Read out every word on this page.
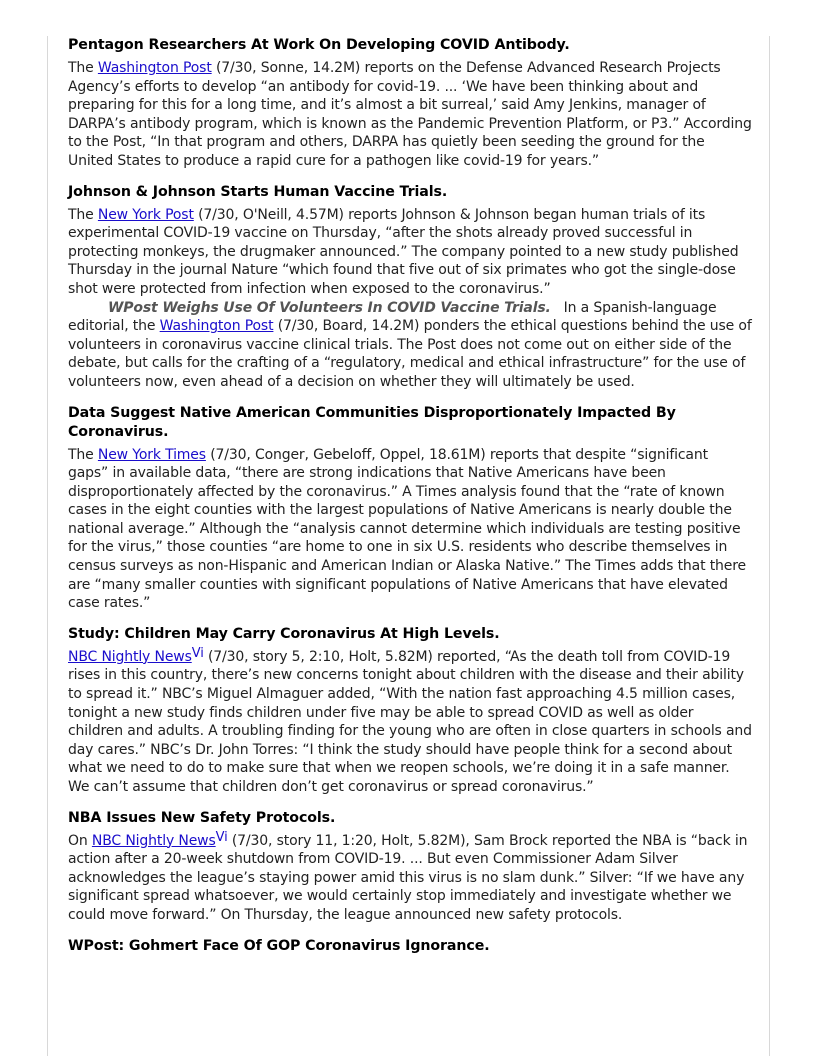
Pentagon Researchers At Work On Developing COVID Antibody.

The Washington Post (7/30, Sonne, 14.2M) reports on the Defense Advanced Research Projects Agency’s efforts to develop “an antibody for covid-19. ... ‘We have been thinking about and preparing for this for a long time, and it’s almost a bit surreal,’ said Amy Jenkins, manager of DARPA’s antibody program, which is known as the Pandemic Prevention Platform, or P3.” According to the Post, “In that program and others, DARPA has quietly been seeding the ground for the United States to produce a rapid cure for a pathogen like covid-19 for years.”

Johnson & Johnson Starts Human Vaccine Trials.

The New York Post (7/30, O'Neill, 4.57M) reports Johnson & Johnson began human trials of its experimental COVID-19 vaccine on Thursday, “after the shots already proved successful in protecting monkeys, the drugmaker announced.” The company pointed to a new study published Thursday in the journal Nature “which found that five out of six primates who got the single-dose shot were protected from infection when exposed to the coronavirus.”

WPost Weighs Use Of Volunteers In COVID Vaccine Trials.   In a Spanish-language editorial, the Washington Post (7/30, Board, 14.2M) ponders the ethical questions behind the use of volunteers in coronavirus vaccine clinical trials. The Post does not come out on either side of the debate, but calls for the crafting of a “regulatory, medical and ethical infrastructure” for the use of volunteers now, even ahead of a decision on whether they will ultimately be used.

Data Suggest Native American Communities Disproportionately Impacted By Coronavirus.

The New York Times (7/30, Conger, Gebeloff, Oppel, 18.61M) reports that despite “significant gaps” in available data, “there are strong indications that Native Americans have been disproportionately affected by the coronavirus.” A Times analysis found that the “rate of known cases in the eight counties with the largest populations of Native Americans is nearly double the national average.” Although the “analysis cannot determine which individuals are testing positive for the virus,” those counties “are home to one in six U.S. residents who describe themselves in census surveys as non-Hispanic and American Indian or Alaska Native.” The Times adds that there are “many smaller counties with significant populations of Native Americans that have elevated case rates.”

Study: Children May Carry Coronavirus At High Levels.

NBC Nightly News$^{Vi}$ (7/30, story 5, 2:10, Holt, 5.82M) reported, “As the death toll from COVID-19 rises in this country, there’s new concerns tonight about children with the disease and their ability to spread it.” NBC’s Miguel Almaguer added, “With the nation fast approaching 4.5 million cases, tonight a new study finds children under five may be able to spread COVID as well as older children and adults. A troubling finding for the young who are often in close quarters in schools and day cares.” NBC’s Dr. John Torres: “I think the study should have people think for a second about what we need to do to make sure that when we reopen schools, we’re doing it in a safe manner. We can’t assume that children don’t get coronavirus or spread coronavirus.”

NBA Issues New Safety Protocols.

On NBC Nightly News$^{Vi}$ (7/30, story 11, 1:20, Holt, 5.82M), Sam Brock reported the NBA is “back in action after a 20-week shutdown from COVID-19. ... But even Commissioner Adam Silver acknowledges the league’s staying power amid this virus is no slam dunk.” Silver: “If we have any significant spread whatsoever, we would certainly stop immediately and investigate whether we could move forward.” On Thursday, the league announced new safety protocols.

WPost: Gohmert Face Of GOP Coronavirus Ignorance.
